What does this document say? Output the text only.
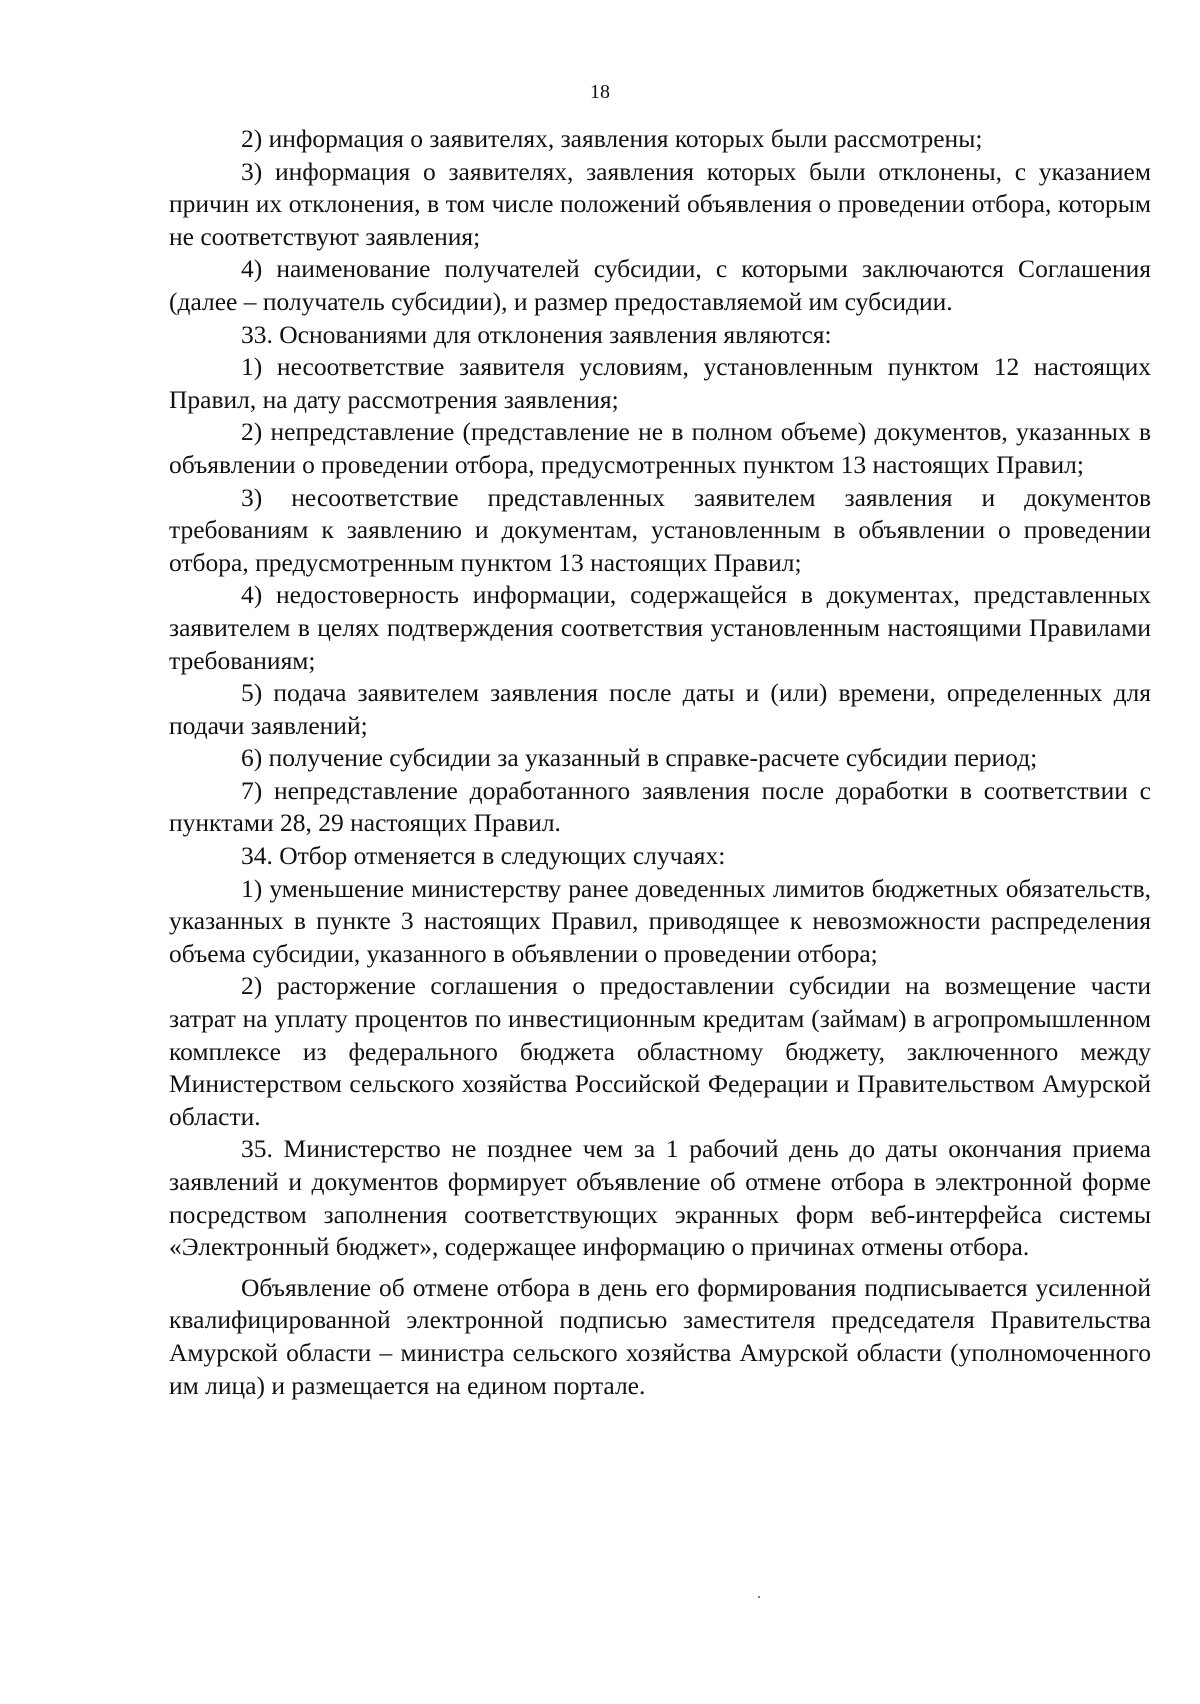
18

2) информация о заявителях, заявления которых были рассмотрены;

3) информация о заявителях, заявления которых были отклонены, с указанием причин их отклонения, в том числе положений объявления о проведении отбора, которым не соответствуют заявления;

4) наименование получателей субсидии, с которыми заключаются Соглашения (далее – получатель субсидии), и размер предоставляемой им субсидии.

33. Основаниями для отклонения заявления являются:

1) несоответствие заявителя условиям, установленным пунктом 12 настоящих Правил, на дату рассмотрения заявления;

2) непредставление (представление не в полном объеме) документов, указанных в объявлении о проведении отбора, предусмотренных пунктом 13 настоящих Правил;

3) несоответствие представленных заявителем заявления и документов требованиям к заявлению и документам, установленным в объявлении о проведении отбора, предусмотренным пунктом 13 настоящих Правил;

4) недостоверность информации, содержащейся в документах, представленных заявителем в целях подтверждения соответствия установленным настоящими Правилами требованиям;

5) подача заявителем заявления после даты и (или) времени, определенных для подачи заявлений;

6) получение субсидии за указанный в справке-расчете субсидии период;

7) непредставление доработанного заявления после доработки в соответствии с пунктами 28, 29 настоящих Правил.

34. Отбор отменяется в следующих случаях:

1) уменьшение министерству ранее доведенных лимитов бюджетных обязательств, указанных в пункте 3 настоящих Правил, приводящее к невозможности распределения объема субсидии, указанного в объявлении о проведении отбора;

2) расторжение соглашения о предоставлении субсидии на возмещение части затрат на уплату процентов по инвестиционным кредитам (займам) в агропромышленном комплексе из федерального бюджета областному бюджету, заключенного между Министерством сельского хозяйства Российской Федерации и Правительством Амурской области.

35. Министерство не позднее чем за 1 рабочий день до даты окончания приема заявлений и документов формирует объявление об отмене отбора в электронной форме посредством заполнения соответствующих экранных форм веб-интерфейса системы «Электронный бюджет», содержащее информацию о причинах отмены отбора.

Объявление об отмене отбора в день его формирования подписывается усиленной квалифицированной электронной подписью заместителя председателя Правительства Амурской области – министра сельского хозяйства Амурской области (уполномоченного им лица) и размещается на едином портале.
